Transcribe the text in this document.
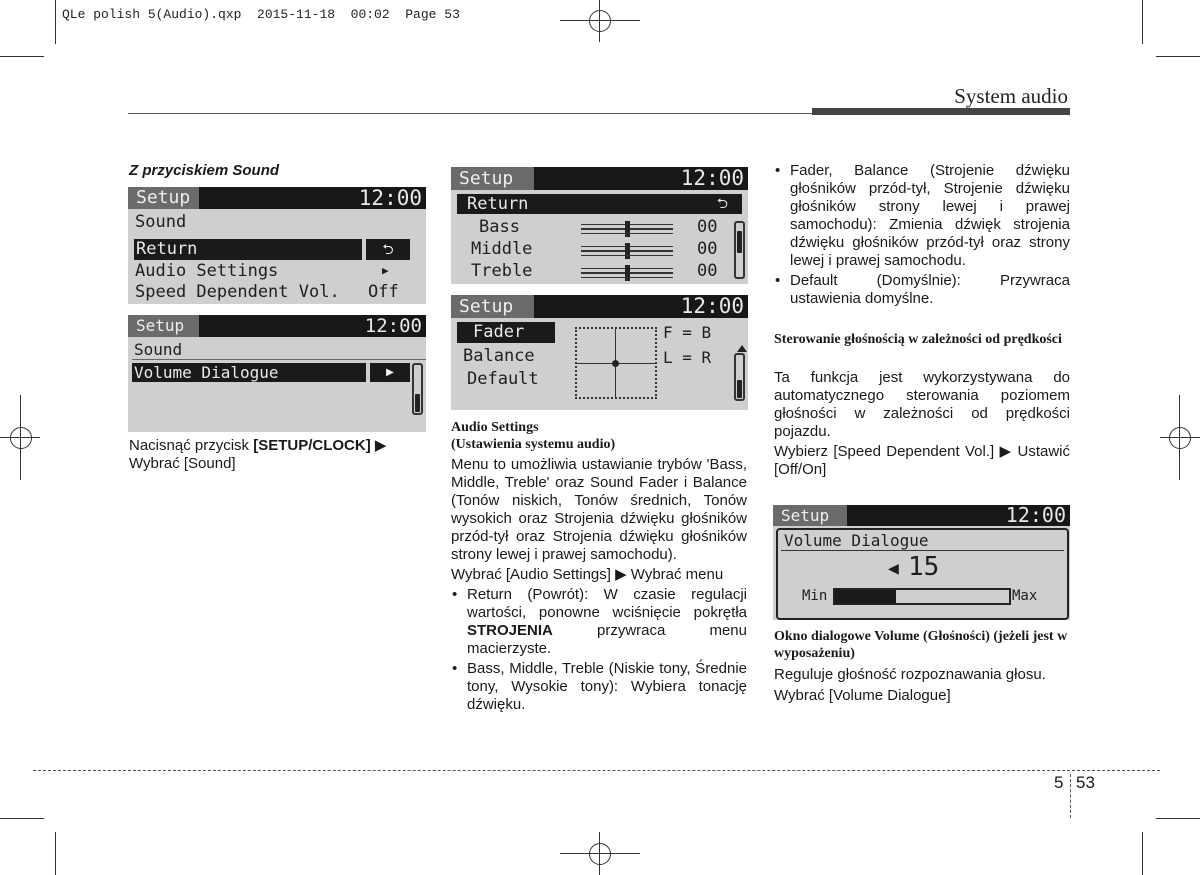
QLe polish 5(Audio).qxp  2015-11-18  00:02  Page 53
System audio
Z przyciskiem Sound
Setup	12:00
Sound
Return	⮌
Audio Settings	▶
Speed Dependent Vol. Off
Setup	12:00
Sound
Volume Dialogue	▶
Nacisnąć przycisk [SETUP/CLOCK] ▶ Wybrać [Sound]
Setup	12:00
Return	⮌
Bass	00
Middle	00
Treble	00
Setup	12:00
Fader
Balance
Default
F = B
L = R
Audio Settings
(Ustawienia systemu audio)
Menu to umożliwia ustawianie trybów 'Bass, Middle, Treble' oraz Sound Fader i Balance (Tonów niskich, Tonów średnich, Tonów wysokich oraz Strojenia dźwięku głośników przód-tył oraz Strojenia dźwięku głośników strony lewej i prawej samochodu).
Wybrać [Audio Settings] ▶ Wybrać menu
• Return (Powrót): W czasie regulacji wartości, ponowne wciśnięcie pokrętła STROJENIA przywraca menu macierzyste.
• Bass, Middle, Treble (Niskie tony, Średnie tony, Wysokie tony): Wybiera tonację dźwięku.
• Fader, Balance (Strojenie dźwięku głośników przód-tył, Strojenie dźwięku głośników strony lewej i prawej samochodu): Zmienia dźwięk strojenia dźwięku głośników przód-tył oraz strony lewej i prawej samochodu.
• Default (Domyślnie): Przywraca ustawienia domyślne.
Sterowanie głośnością w zależności od prędkości
Ta funkcja jest wykorzystywana do automatycznego sterowania poziomem głośności w zależności od prędkości pojazdu.
Wybierz [Speed Dependent Vol.] ▶ Ustawić [Off/On]
Setup	12:00
Volume Dialogue
◀ 15
Min	Max
Okno dialogowe Volume (Głośności) (jeżeli jest w wyposażeniu)
Reguluje głośność rozpoznawania głosu.
Wybrać [Volume Dialogue]
5 53
